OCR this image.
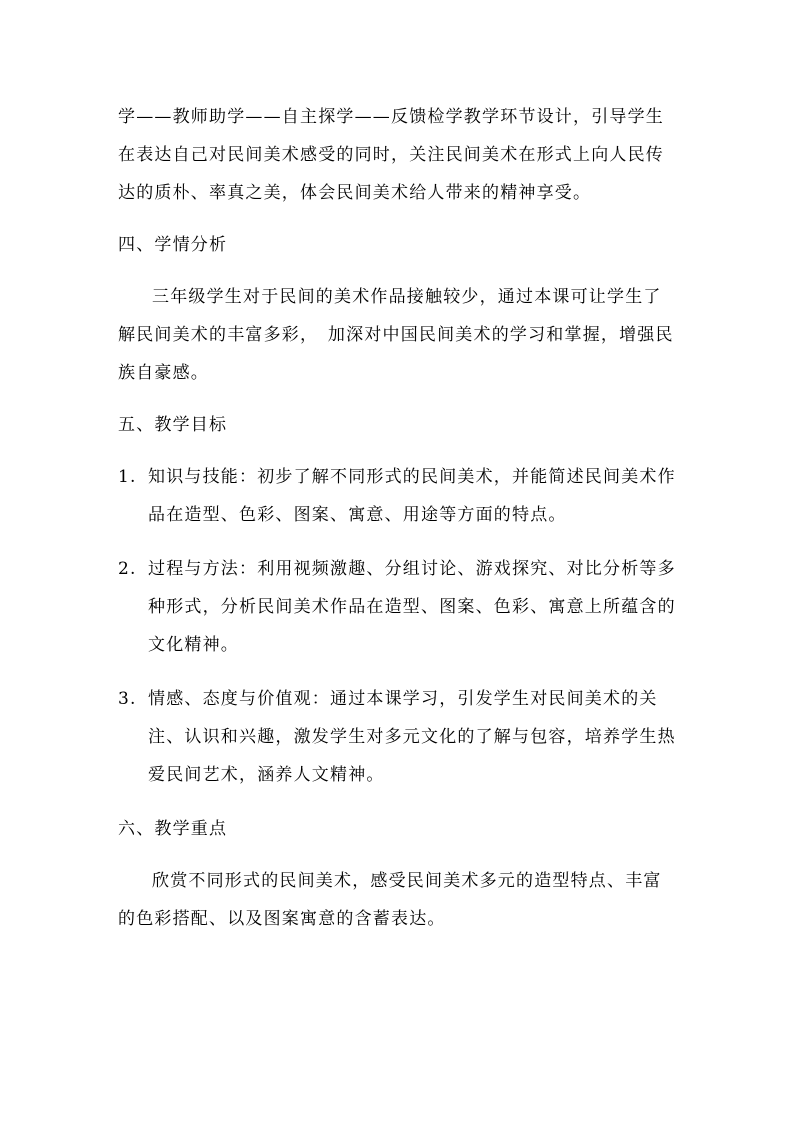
学——教师助学——自主探学——反馈检学教学环节设计，引导学生在表达自己对民间美术感受的同时，关注民间美术在形式上向人民传达的质朴、率真之美，体会民间美术给人带来的精神享受。

四、学情分析

三年级学生对于民间的美术作品接触较少，通过本课可让学生了解民间美术的丰富多彩，　加深对中国民间美术的学习和掌握，增强民族自豪感。

五、教学目标

1. 知识与技能：初步了解不同形式的民间美术，并能简述民间美术作品在造型、色彩、图案、寓意、用途等方面的特点。
2. 过程与方法：利用视频激趣、分组讨论、游戏探究、对比分析等多种形式，分析民间美术作品在造型、图案、色彩、寓意上所蕴含的文化精神。
3. 情感、态度与价值观：通过本课学习，引发学生对民间美术的关注、认识和兴趣，激发学生对多元文化的了解与包容，培养学生热爱民间艺术，涵养人文精神。

六、教学重点

欣赏不同形式的民间美术，感受民间美术多元的造型特点、丰富的色彩搭配、以及图案寓意的含蓄表达。
